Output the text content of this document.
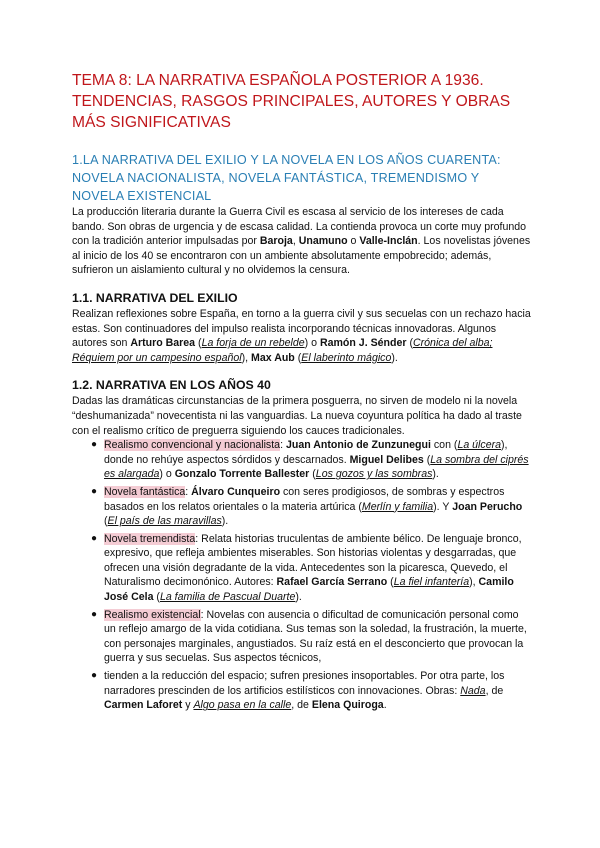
TEMA 8: LA NARRATIVA ESPAÑOLA POSTERIOR A 1936. TENDENCIAS, RASGOS PRINCIPALES, AUTORES Y OBRAS MÁS SIGNIFICATIVAS
1.LA NARRATIVA DEL EXILIO Y LA NOVELA EN LOS AÑOS CUARENTA: NOVELA NACIONALISTA, NOVELA FANTÁSTICA, TREMENDISMO Y NOVELA EXISTENCIAL

La producción literaria durante la Guerra Civil es escasa al servicio de los intereses de cada bando. Son obras de urgencia y de escasa calidad. La contienda provoca un corte muy profundo con la tradición anterior impulsadas por Baroja, Unamuno o Valle-Inclán. Los novelistas jóvenes al inicio de los 40 se encontraron con un ambiente absolutamente empobrecido; además, sufrieron un aislamiento cultural y no olvidemos la censura.

1.1. NARRATIVA DEL EXILIO

Realizan reflexiones sobre España, en torno a la guerra civil y sus secuelas con un rechazo hacia estas. Son continuadores del impulso realista incorporando técnicas innovadoras. Algunos autores son Arturo Barea (La forja de un rebelde) o Ramón J. Sénder (Crónica del alba; Réquiem por un campesino español), Max Aub (El laberinto mágico).

1.2. NARRATIVA EN LOS AÑOS 40

Dadas las dramáticas circunstancias de la primera posguerra, no sirven de modelo ni la novela “deshumanizada” novecentista ni las vanguardias. La nueva coyuntura política ha dado al traste con el realismo crítico de preguerra siguiendo los cauces tradicionales.

● Realismo convencional y nacionalista: Juan Antonio de Zunzunegui con (La úlcera), donde no rehúye aspectos sórdidos y descarnados. Miguel Delibes (La sombra del ciprés es alargada) o Gonzalo Torrente Ballester (Los gozos y las sombras).
● Novela fantástica: Álvaro Cunqueiro con seres prodigiosos, de sombras y espectros basados en los relatos orientales o la materia artúrica (Merlín y familia). Y Joan Perucho (El país de las maravillas).
● Novela tremendista: Relata historias truculentas de ambiente bélico. De lenguaje bronco, expresivo, que refleja ambientes miserables. Son historias violentas y desgarradas, que ofrecen una visión degradante de la vida. Antecedentes son la picaresca, Quevedo, el Naturalismo decimonónico. Autores: Rafael García Serrano (La fiel infantería), Camilo José Cela (La familia de Pascual Duarte).
● Realismo existencial: Novelas con ausencia o dificultad de comunicación personal como un reflejo amargo de la vida cotidiana. Sus temas son la soledad, la frustración, la muerte, con personajes marginales, angustiados. Su raíz está en el desconcierto que provocan la guerra y sus secuelas. Sus aspectos técnicos,
● tienden a la reducción del espacio; sufren presiones insoportables. Por otra parte, los narradores prescinden de los artificios estilísticos con innovaciones. Obras: Nada, de Carmen Laforet y Algo pasa en la calle, de Elena Quiroga.
